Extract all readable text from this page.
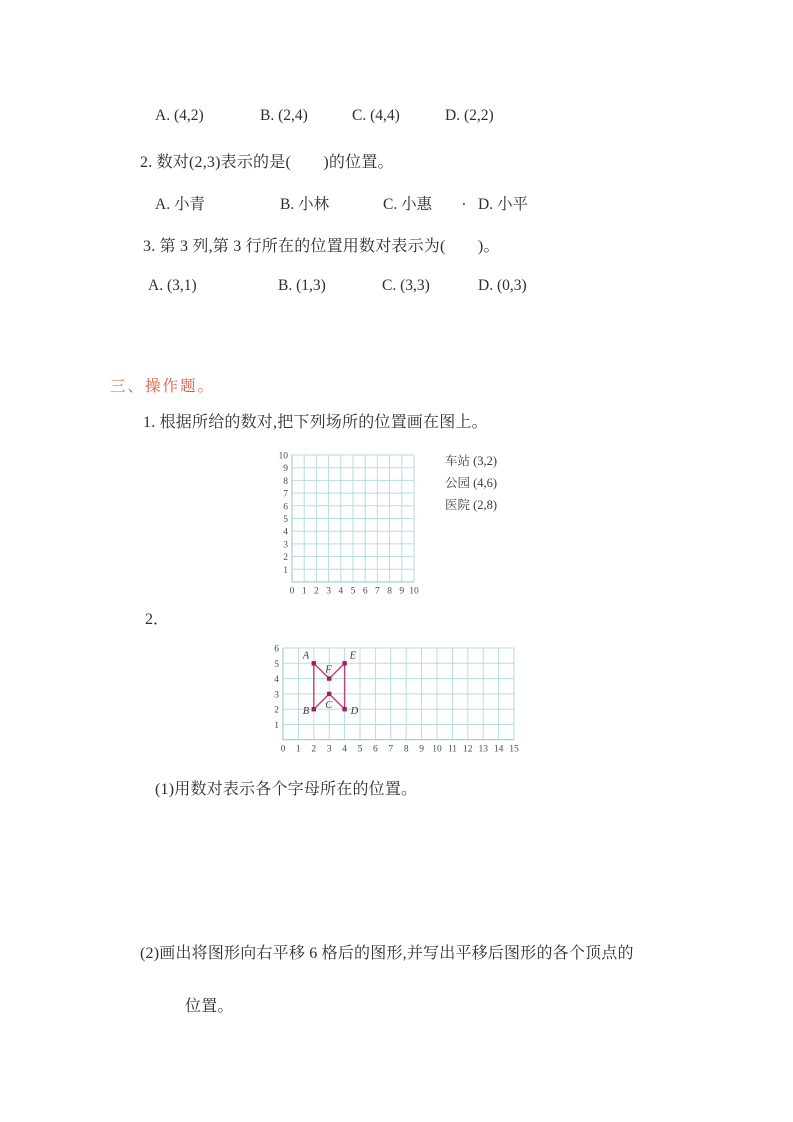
A. (4,2)	B. (2,4)	C. (4,4)	D. (2,2)
2. 数对(2,3)表示的是(　　)的位置。
A. 小青	B. 小林	C. 小惠 . D. 小平
3. 第 3 列,第 3 行所在的位置用数对表示为(　　)。
A. (3,1)	B. (1,3)	C. (3,3)	D. (0,3)
三、操作题。
1. 根据所给的数对,把下列场所的位置画在图上。
1
2
3
4
5
6
7
8
9
10
0 1 2 3 4 5 6 7 8 9 10
车站 (3,2)
公园 (4,6)
医院 (2,8)
2．
1
2
3
4
5
6
0 1 2 3 4 5 6 7 8 9 10 11 12 13 14 15
A
B
C
D
E
F
(1)用数对表示各个字母所在的位置。
(2)画出将图形向右平移 6 格后的图形,并写出平移后图形的各个顶点的
位置。
